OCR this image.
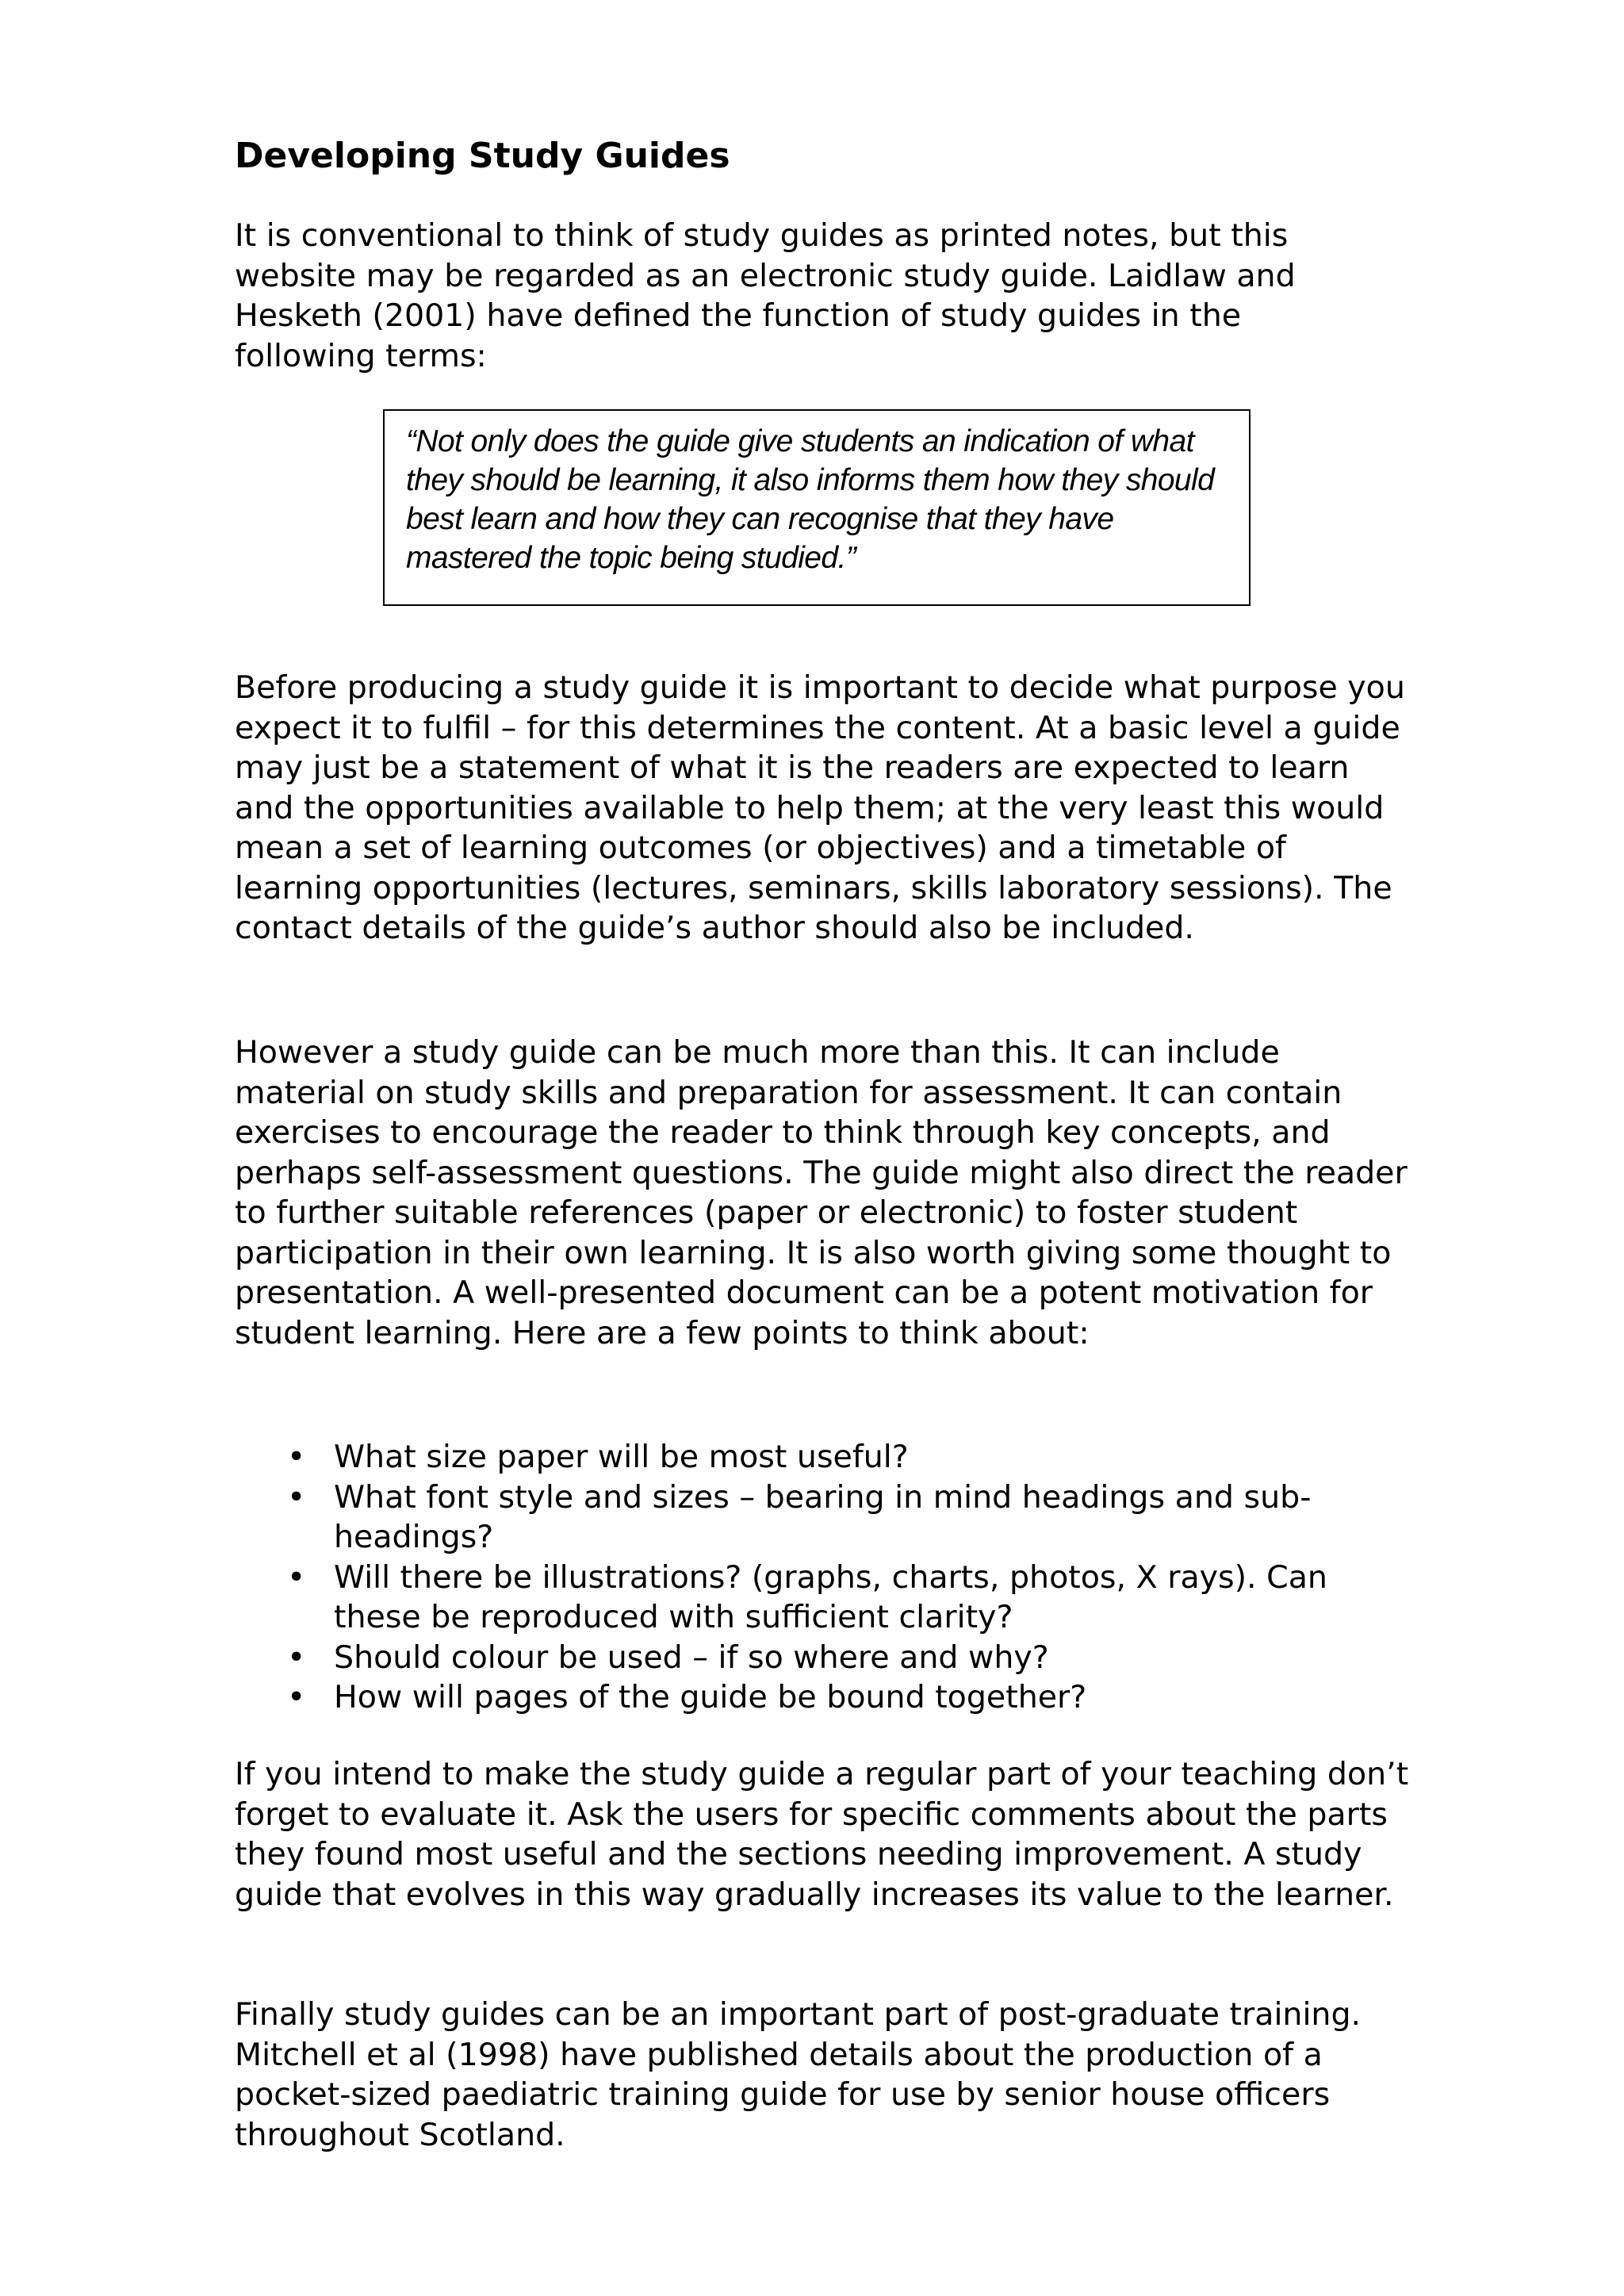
Developing Study Guides

It is conventional to think of study guides as printed notes, but this website may be regarded as an electronic study guide. Laidlaw and Hesketh (2001) have defined the function of study guides in the following terms:

“Not only does the guide give students an indication of what they should be learning, it also informs them how they should best learn and how they can recognise that they have mastered the topic being studied.”

Before producing a study guide it is important to decide what purpose you expect it to fulfil – for this determines the content. At a basic level a guide may just be a statement of what it is the readers are expected to learn and the opportunities available to help them; at the very least this would mean a set of learning outcomes (or objectives) and a timetable of learning opportunities (lectures, seminars, skills laboratory sessions). The contact details of the guide’s author should also be included.

However a study guide can be much more than this. It can include material on study skills and preparation for assessment. It can contain exercises to encourage the reader to think through key concepts, and perhaps self-assessment questions. The guide might also direct the reader to further suitable references (paper or electronic) to foster student participation in their own learning. It is also worth giving some thought to presentation. A well-presented document can be a potent motivation for student learning. Here are a few points to think about:

• What size paper will be most useful?
• What font style and sizes – bearing in mind headings and sub-headings?
• Will there be illustrations? (graphs, charts, photos, X rays). Can these be reproduced with sufficient clarity?
• Should colour be used – if so where and why?
• How will pages of the guide be bound together?

If you intend to make the study guide a regular part of your teaching don’t forget to evaluate it. Ask the users for specific comments about the parts they found most useful and the sections needing improvement. A study guide that evolves in this way gradually increases its value to the learner.

Finally study guides can be an important part of post-graduate training. Mitchell et al (1998) have published details about the production of a pocket-sized paediatric training guide for use by senior house officers throughout Scotland.
